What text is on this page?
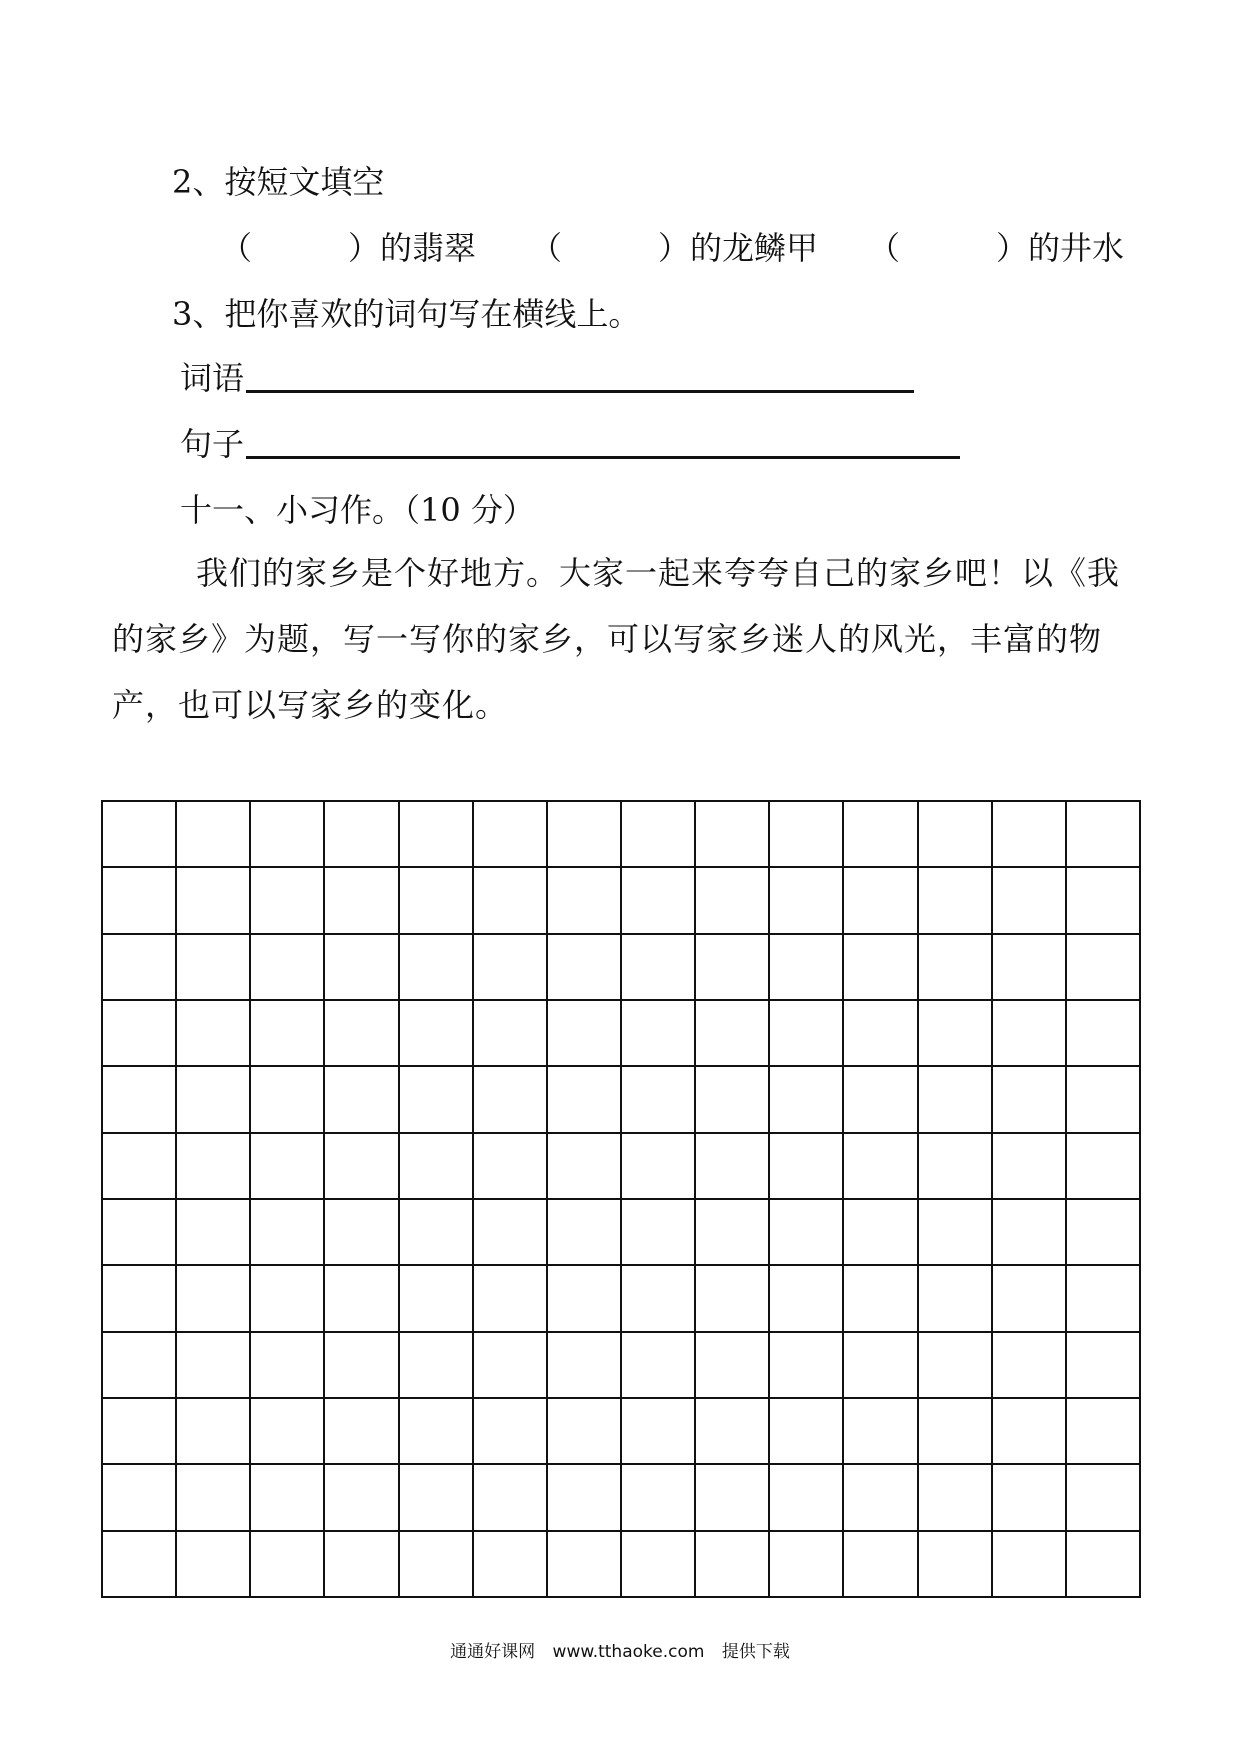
2、按短文填空
（	）的翡翠 （	）的龙鳞甲 （	）的井水
3、把你喜欢的词句写在横线上。
词语
句子
十一、小习作。（10 分）
我们的家乡是个好地方。大家一起来夸夸自己的家乡吧！以《我
的家乡》为题，写一写你的家乡，可以写家乡迷人的风光，丰富的物
产，也可以写家乡的变化。

通通好课网 www.tthaoke.com 提供下载
